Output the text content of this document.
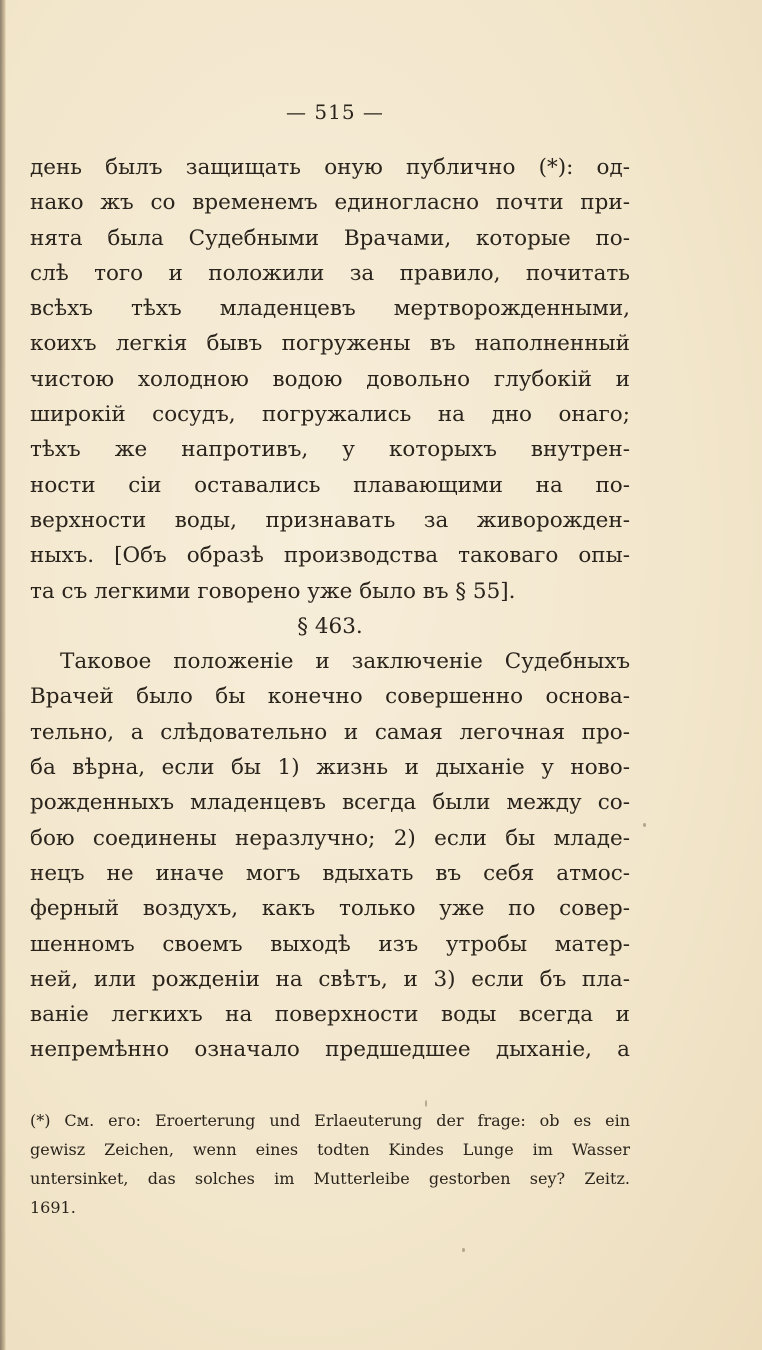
— 515 —
день былъ защищать оную публично (*): од-
нако жъ со временемъ единогласно почти при-
нята была Судебными Врачами, которые по-
слѣ того и положили за правило, почитать
всѣхъ тѣхъ младенцевъ мертворожденными,
коихъ легкія бывъ погружены въ наполненный
чистою холодною водою довольно глубокій и
широкій сосудъ, погружались на дно онаго;
тѣхъ же напротивъ, у которыхъ внутрен-
ности сіи оставались плавающими на по-
верхности воды, признавать за живорожден-
ныхъ. [Объ образѣ производства таковаго опы-
та съ легкими говорено уже было въ § 55].
§ 463.
Таковое положеніе и заключеніе Судебныхъ
Врачей было бы конечно совершенно основа-
тельно, а слѣдовательно и самая легочная про-
ба вѣрна, если бы 1) жизнь и дыханіе у ново-
рожденныхъ младенцевъ всегда были между со-
бою соединены неразлучно; 2) если бы младе-
нецъ не иначе могъ вдыхать въ себя атмос-
ферный воздухъ, какъ только уже по совер-
шенномъ своемъ выходѣ изъ утробы матер-
ней, или рожденіи на свѣтъ, и 3) если бъ пла-
ваніе легкихъ на поверхности воды всегда и
непремѣнно означало предшедшее дыханіе, а
(*) Cм. его: Eroerterung und Erlaeuterung der frage: ob es ein
gewisz Zeichen, wenn eines todten Kindes Lunge im Wasser
untersinket, das solches im Mutterleibe gestorben sey? Zeitz.
1691.
